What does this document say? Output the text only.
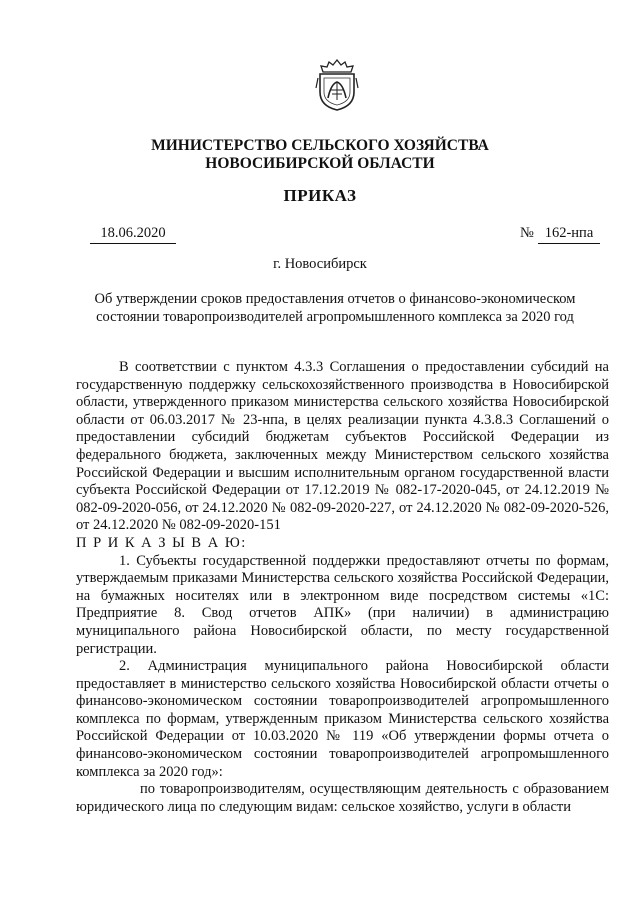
МИНИСТЕРСТВО СЕЛЬСКОГО ХОЗЯЙСТВА
НОВОСИБИРСКОЙ ОБЛАСТИ
ПРИКАЗ
18.06.2020	№ 162-нпа
г. Новосибирск
Об утверждении сроков предоставления отчетов о финансово-экономическом
состоянии товаропроизводителей агропромышленного комплекса за 2020 год

В соответствии с пунктом 4.3.3 Соглашения о предоставлении субсидий на государственную поддержку сельскохозяйственного производства в Новосибирской области, утвержденного приказом министерства сельского хозяйства Новосибирской области от 06.03.2017 № 23-нпа, в целях реализации пункта 4.3.8.3 Соглашений о предоставлении субсидий бюджетам субъектов Российской Федерации из федерального бюджета, заключенных между Министерством сельского хозяйства Российской Федерации и высшим исполнительным органом государственной власти субъекта Российской Федерации от 17.12.2019 № 082-17-2020-045, от 24.12.2019 № 082-09-2020-056, от 24.12.2020 № 082-09-2020-227, от 24.12.2020 № 082-09-2020-526, от 24.12.2020 № 082-09-2020-151

П Р И К А З Ы В А Ю:

1. Субъекты государственной поддержки предоставляют отчеты по формам, утверждаемым приказами Министерства сельского хозяйства Российской Федерации, на бумажных носителях или в электронном виде посредством системы «1С: Предприятие 8. Свод отчетов АПК» (при наличии) в администрацию муниципального района Новосибирской области, по месту государственной регистрации.

2. Администрация муниципального района Новосибирской области предоставляет в министерство сельского хозяйства Новосибирской области отчеты о финансово-экономическом состоянии товаропроизводителей агропромышленного комплекса по формам, утвержденным приказом Министерства сельского хозяйства Российской Федерации от 10.03.2020 № 119 «Об утверждении формы отчета о финансово-экономическом состоянии товаропроизводителей агропромышленного комплекса за 2020 год»:

по товаропроизводителям, осуществляющим деятельность с образованием юридического лица по следующим видам: сельское хозяйство, услуги в области
